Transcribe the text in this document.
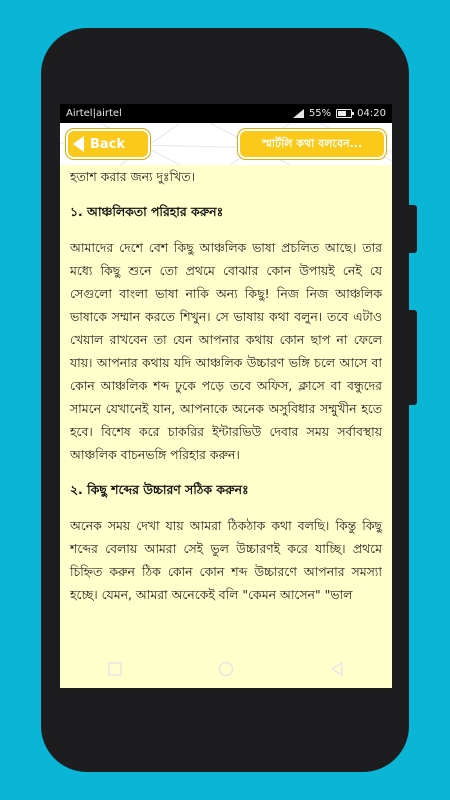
Airtel|airtel	55%	04:20
Back	স্মার্টলি কথা বলবেন...

হতাশ করার জন্য দুঃখিত।

১. আঞ্চলিকতা পরিহার করুনঃ

আমাদের দেশে বেশ কিছু আঞ্চলিক ভাষা প্রচলিত আছে। তার মধ্যে কিছু শুনে তো প্রথমে বোঝার কোন উপায়ই নেই যে সেগুলো বাংলা ভাষা নাকি অন্য কিছু! নিজ নিজ আঞ্চলিক ভাষাকে সম্মান করতে শিখুন। সে ভাষায় কথা বলুন। তবে এটাও খেয়াল রাখবেন তা যেন আপনার কথায় কোন ছাপ না ফেলে যায়। আপনার কথায় যদি আঞ্চলিক উচ্চারণ ভঙ্গি চলে আসে বা কোন আঞ্চলিক শব্দ ঢুকে পড়ে তবে অফিস, ক্লাসে বা বন্ধুদের সামনে যেখানেই যান, আপনাকে অনেক অসুবিধার সম্মুখীন হতে হবে। বিশেষ করে চাকরির ইন্টারভিউ দেবার সময় সর্বাবস্থায় আঞ্চলিক বাচনভঙ্গি পরিহার করুন।

২. কিছু শব্দের উচ্চারণ সঠিক করুনঃ

অনেক সময় দেখা যায় আমরা ঠিকঠাক কথা বলছি। কিন্তু কিছু শব্দের বেলায় আমরা সেই ভুল উচ্চারণই করে যাচ্ছি। প্রথমে চিহ্নিত করুন ঠিক কোন কোন শব্দ উচ্চারণে আপনার সমস্যা হচ্ছে। যেমন, আমরা অনেকেই বলি "কেমন আসেন" "ভাল
